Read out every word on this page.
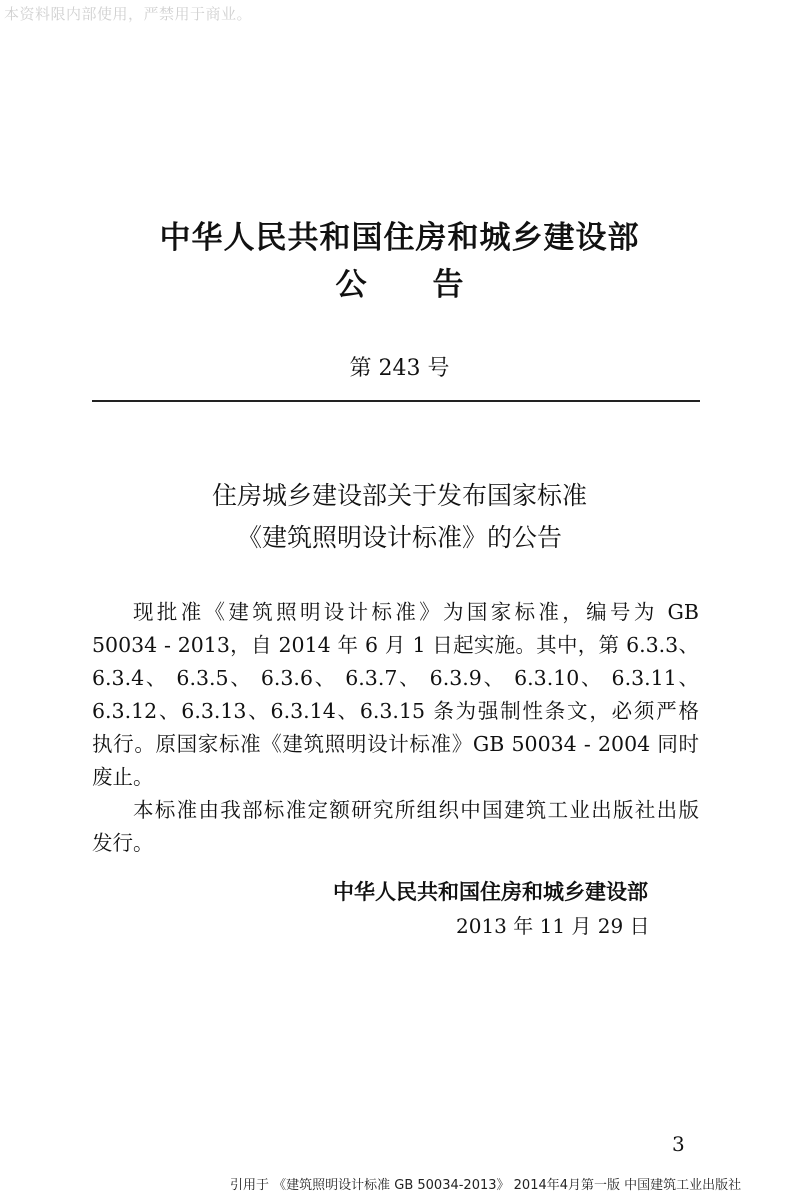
本资料限内部使用，严禁用于商业。
中华人民共和国住房和城乡建设部
公告
第 243 号
住房城乡建设部关于发布国家标准
《建筑照明设计标准》的公告
现批准《建筑照明设计标准》为国家标准，编号为 GB
50034 - 2013，自 2014 年 6 月 1 日起实施。其中，第 6.3.3、
6.3.4、 6.3.5、 6.3.6、 6.3.7、 6.3.9、 6.3.10、 6.3.11、
6.3.12、6.3.13、6.3.14、6.3.15 条为强制性条文，必须严格
执行。原国家标准《建筑照明设计标准》GB 50034 - 2004 同时
废止。
本标准由我部标准定额研究所组织中国建筑工业出版社出版
发行。
中华人民共和国住房和城乡建设部
2013 年 11 月 29 日
3
引用于 《建筑照明设计标准 GB 50034-2013》 2014年4月第一版 中国建筑工业出版社
